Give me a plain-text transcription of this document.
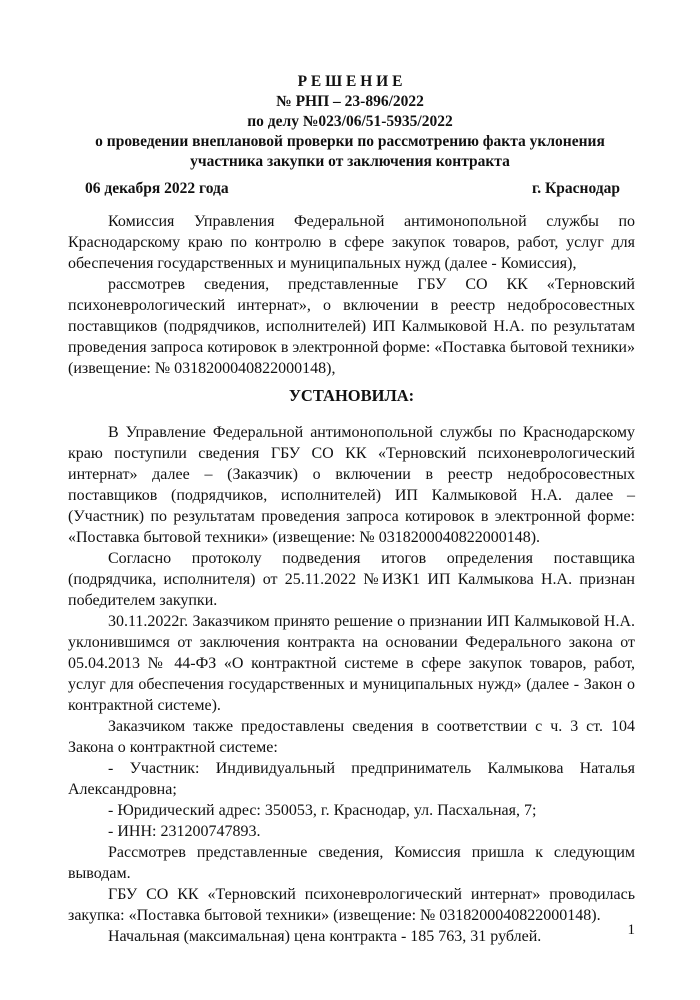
Р Е Ш Е Н И Е
№ РНП – 23-896/2022
по делу №023/06/51-5935/2022
о проведении внеплановой проверки по рассмотрению факта уклонения
участника закупки от заключения контракта
06 декабря 2022 года	г. Краснодар

Комиссия Управления Федеральной антимонопольной службы по Краснодарскому краю по контролю в сфере закупок товаров, работ, услуг для обеспечения государственных и муниципальных нужд (далее - Комиссия),

рассмотрев сведения, представленные ГБУ СО КК «Терновский психоневрологический интернат», о включении в реестр недобросовестных поставщиков (подрядчиков, исполнителей) ИП Калмыковой Н.А. по результатам проведения запроса котировок в электронной форме: «Поставка бытовой техники» (извещение: № 0318200040822000148),

УСТАНОВИЛА:

В Управление Федеральной антимонопольной службы по Краснодарскому краю поступили сведения ГБУ СО КК «Терновский психоневрологический интернат» далее – (Заказчик) о включении в реестр недобросовестных поставщиков (подрядчиков, исполнителей) ИП Калмыковой Н.А. далее – (Участник) по результатам проведения запроса котировок в электронной форме: «Поставка бытовой техники» (извещение: № 0318200040822000148).

Согласно протоколу подведения итогов определения поставщика (подрядчика, исполнителя) от 25.11.2022 №ИЗК1 ИП Калмыкова Н.А. признан победителем закупки.

30.11.2022г. Заказчиком принято решение о признании ИП Калмыковой Н.А. уклонившимся от заключения контракта на основании Федерального закона от 05.04.2013 № 44-ФЗ «О контрактной системе в сфере закупок товаров, работ, услуг для обеспечения государственных и муниципальных нужд» (далее - Закон о контрактной системе).

Заказчиком также предоставлены сведения в соответствии с ч. 3 ст. 104 Закона о контрактной системе:

- Участник: Индивидуальный предприниматель Калмыкова Наталья Александровна;

- Юридический адрес: 350053, г. Краснодар, ул. Пасхальная, 7;

- ИНН: 231200747893.

Рассмотрев представленные сведения, Комиссия пришла к следующим выводам.

ГБУ СО КК «Терновский психоневрологический интернат» проводилась закупка: «Поставка бытовой техники» (извещение: № 0318200040822000148).

Начальная (максимальная) цена контракта - 185 763, 31 рублей.	1
